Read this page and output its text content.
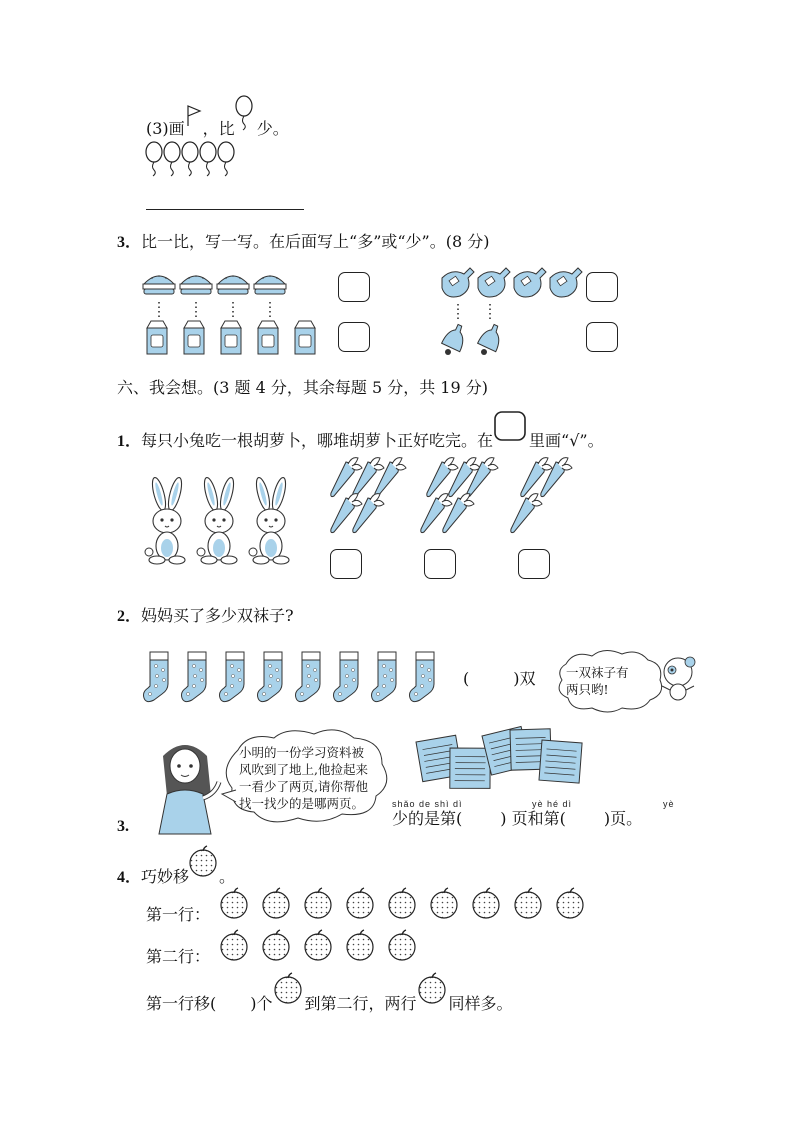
(3)画 ，比 少。
3．比一比，写一写。在后面写上“多”或“少”。(8 分)
六、我会想。(3 题 4 分，其余每题 5 分，共 19 分)
1．每只小兔吃一根胡萝卜，哪堆胡萝卜正好吃完。在 里画“√”。
2．妈妈买了多少双袜子?
(	)双 一双袜子有
两只哟!
3.
小明的一份学习资料被
风吹到了地上,他捡起来
一看少了两页,请你帮他
找一找少的是哪两页。	shǎo de shì dì	yè hé dì	yè
少的是第( ) 页和第( )页。
4．巧妙移 。
第一行：
第二行：
第一行移( )个 到第二行，两行 同样多。
